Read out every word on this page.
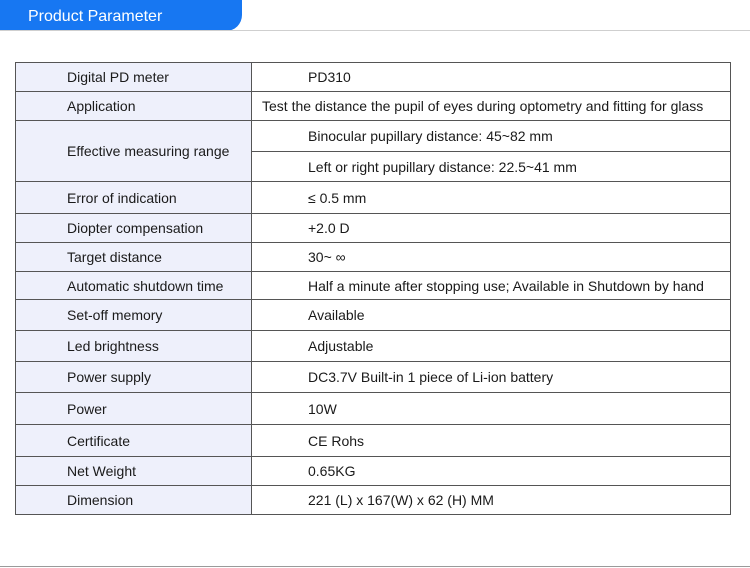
Product Parameter
Digital PD meter	PD310
Application	Test the distance the pupil of eyes during optometry and fitting for glass
Effective measuring range	Binocular pupillary distance: 45~82 mm
	Left or right pupillary distance: 22.5~41 mm
Error of indication	≤ 0.5 mm
Diopter compensation	+2.0 D
Target distance	30~ ∞
Automatic shutdown time	Half a minute after stopping use; Available in Shutdown by hand
Set-off memory	Available
Led brightness	Adjustable
Power supply	DC3.7V Built-in 1 piece of Li-ion battery
Power	10W
Certificate	CE Rohs
Net Weight	0.65KG
Dimension	221 (L) x 167(W) x 62 (H) MM
